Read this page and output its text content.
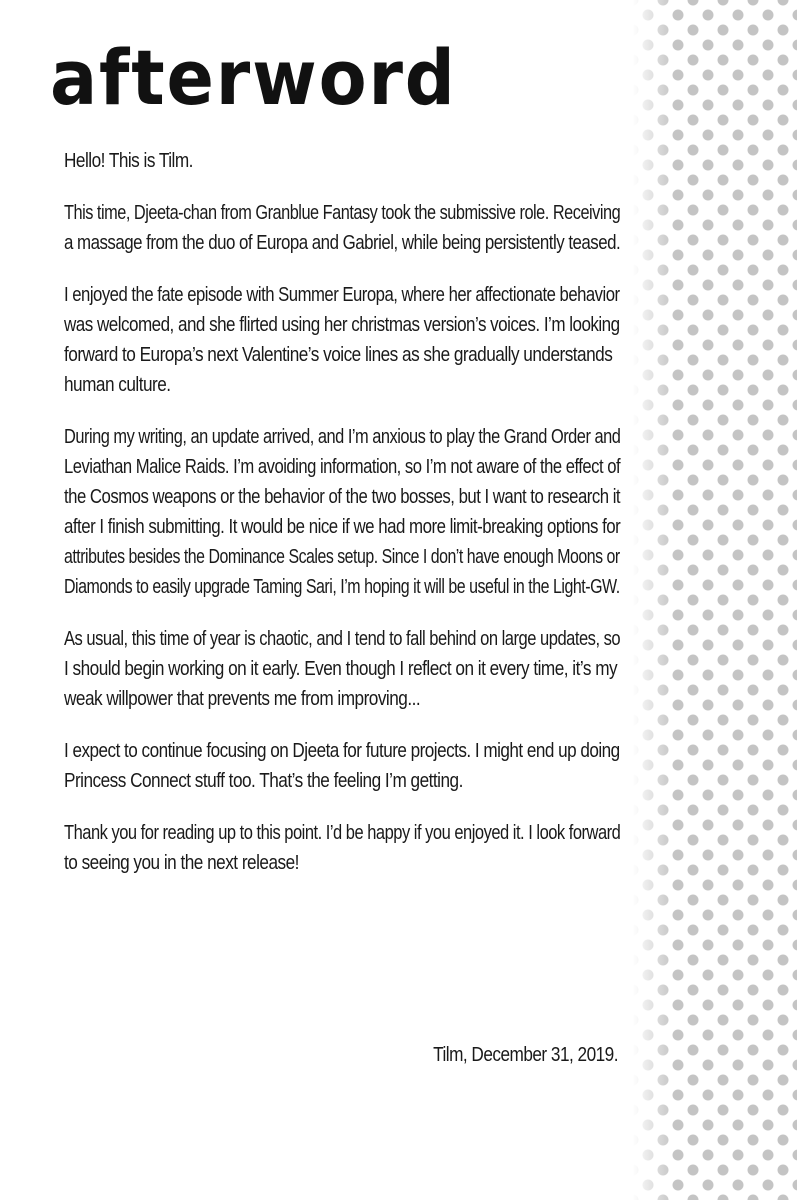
afterword
Hello! This is Tilm.
This time, Djeeta-chan from Granblue Fantasy took the submissive role. Receiving
a massage from the duo of Europa and Gabriel, while being persistently teased.
I enjoyed the fate episode with Summer Europa, where her affectionate behavior
was welcomed, and she flirted using her christmas version’s voices. I’m looking
forward to Europa’s next Valentine’s voice lines as she gradually understands
human culture.
During my writing, an update arrived, and I’m anxious to play the Grand Order and
Leviathan Malice Raids. I’m avoiding information, so I’m not aware of the effect of
the Cosmos weapons or the behavior of the two bosses, but I want to research it
after I finish submitting. It would be nice if we had more limit-breaking options for
attributes besides the Dominance Scales setup. Since I don’t have enough Moons or
Diamonds to easily upgrade Taming Sari, I’m hoping it will be useful in the Light-GW.
As usual, this time of year is chaotic, and I tend to fall behind on large updates, so
I should begin working on it early. Even though I reflect on it every time, it’s my
weak willpower that prevents me from improving...
I expect to continue focusing on Djeeta for future projects. I might end up doing
Princess Connect stuff too. That’s the feeling I’m getting.
Thank you for reading up to this point. I’d be happy if you enjoyed it. I look forward
to seeing you in the next release!
Tilm, December 31, 2019.
